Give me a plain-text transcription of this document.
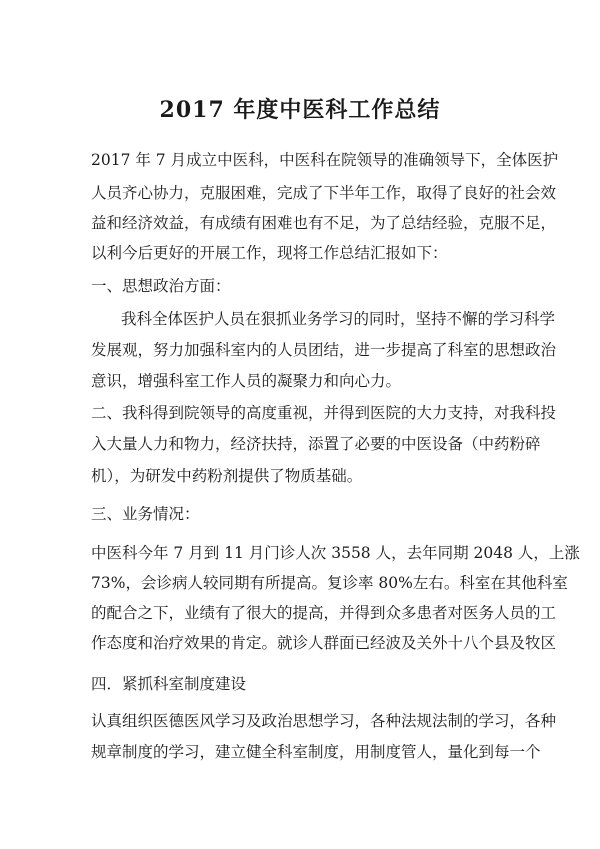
2017 年度中医科工作总结
2017 年 7 月成立中医科，中医科在院领导的准确领导下，全体医护
人员齐心协力，克服困难，完成了下半年工作，取得了良好的社会效
益和经济效益，有成绩有困难也有不足，为了总结经验，克服不足，
以利今后更好的开展工作，现将工作总结汇报如下：
一、思想政治方面：
我科全体医护人员在狠抓业务学习的同时，坚持不懈的学习科学
发展观，努力加强科室内的人员团结，进一步提高了科室的思想政治
意识，增强科室工作人员的凝聚力和向心力。
二、我科得到院领导的高度重视，并得到医院的大力支持，对我科投
入大量人力和物力，经济扶持，添置了必要的中医设备（中药粉碎
机），为研发中药粉剂提供了物质基础。
三、业务情况：
中医科今年 7 月到 11 月门诊人次 3558 人，去年同期 2048 人，上涨
73%，会诊病人较同期有所提高。复诊率 80%左右。科室在其他科室
的配合之下，业绩有了很大的提高，并得到众多患者对医务人员的工
作态度和治疗效果的肯定。就诊人群面已经波及关外十八个县及牧区
四．紧抓科室制度建设
认真组织医德医风学习及政治思想学习，各种法规法制的学习，各种
规章制度的学习，建立健全科室制度，用制度管人，量化到每一个
